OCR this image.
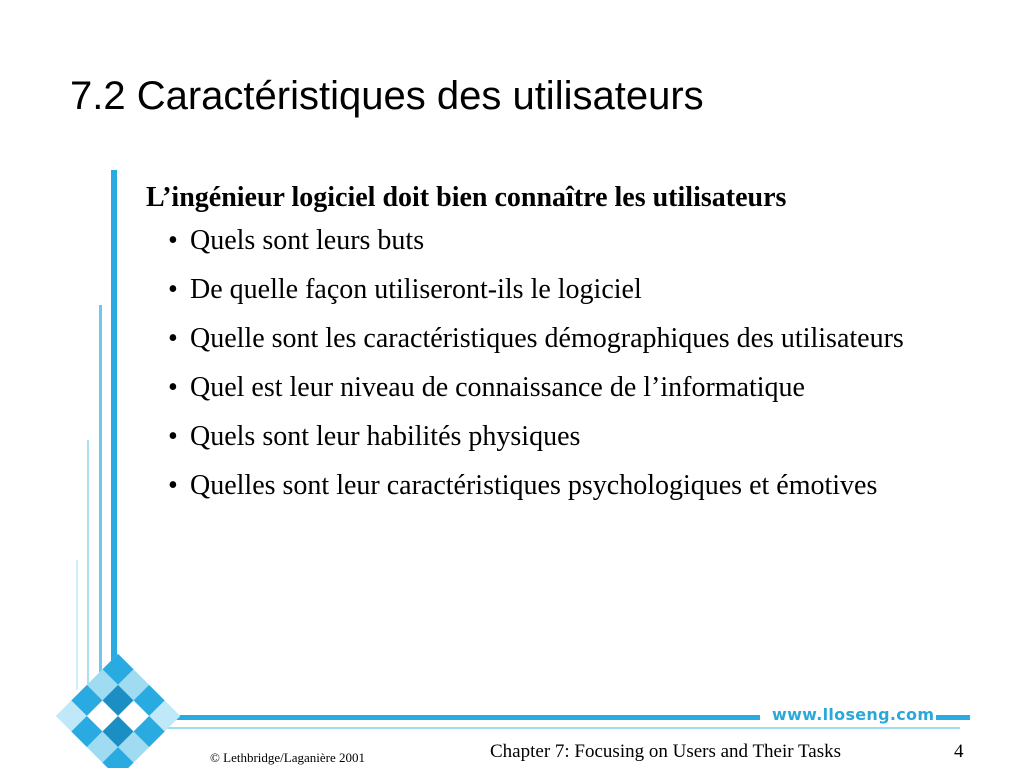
7.2 Caractéristiques des utilisateurs

L’ingénieur logiciel doit bien connaître les utilisateurs

• Quels sont leurs buts
• De quelle façon utiliseront-ils le logiciel
• Quelle sont les caractéristiques démographiques des utilisateurs
• Quel est leur niveau de connaissance de l’informatique
• Quels sont leur habilités physiques
• Quelles sont leur caractéristiques psychologiques et émotives
www.lloseng.com
© Lethbridge/Laganière 2001	Chapter 7: Focusing on Users and Their Tasks	4
